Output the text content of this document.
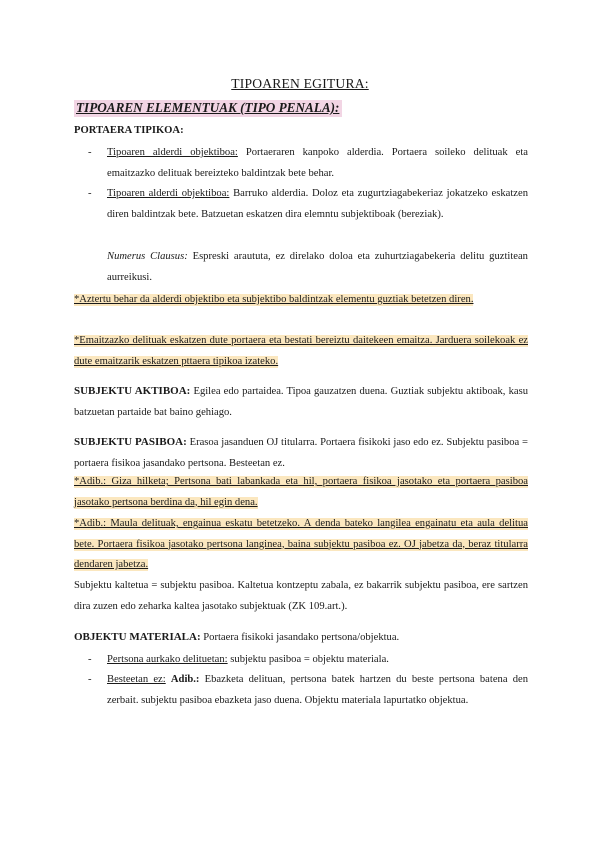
TIPOAREN EGITURA:
TIPOAREN ELEMENTUAK (TIPO PENALA):
PORTAERA TIPIKOA:
- Tipoaren alderdi objektiboa: Portaeraren kanpoko alderdia. Portaera soileko delituak eta emaitzazko delituak bereizteko baldintzak bete behar.
- Tipoaren alderdi objektiboa: Barruko alderdia. Doloz eta zugurtziagabekeriaz jokatzeko eskatzen diren baldintzak bete. Batzuetan eskatzen dira elemntu subjektiboak (bereziak).
Numerus Clausus: Espreski araututa, ez direlako doloa eta zuhurtziagabekeria delitu guztitean aurreikusi.
*Aztertu behar da alderdi objektibo eta subjektibo baldintzak elementu guztiak betetzen diren.
*Emaitzazko delituak eskatzen dute portaera eta bestati bereiztu daitekeen emaitza. Jarduera soilekoak ez dute emaitzarik eskatzen pttaera tipikoa izateko.
SUBJEKTU AKTIBOA: Egilea edo partaidea. Tipoa gauzatzen duena. Guztiak subjektu aktiboak, kasu batzuetan partaide bat baino gehiago.
SUBJEKTU PASIBOA: Erasoa jasanduen OJ titularra. Portaera fisikoki jaso edo ez. Subjektu pasiboa = portaera fisikoa jasandako pertsona. Besteetan ez.
*Adib.: Giza hilketa; Pertsona bati labankada eta hil, portaera fisikoa jasotako eta portaera pasiboa jasotako pertsona berdina da, hil egin dena.
*Adib.: Maula delituak, engainua eskatu betetzeko. A denda bateko langilea engainatu eta aula delitua bete. Portaera fisikoa jasotako pertsona langinea, baina subjektu pasiboa ez. OJ jabetza da, beraz titularra dendaren jabetza.
Subjektu kaltetua = subjektu pasiboa. Kaltetua kontzeptu zabala, ez bakarrik subjektu pasiboa, ere sartzen dira zuzen edo zeharka kaltea jasotako subjektuak (ZK 109.art.).
OBJEKTU MATERIALA: Portaera fisikoki jasandako pertsona/objektua.
- Pertsona aurkako delituetan: subjektu pasiboa = objektu materiala.
- Besteetan ez: Adib.: Ebazketa delituan, pertsona batek hartzen du beste pertsona batena den zerbait. subjektu pasiboa ebazketa jaso duena. Objektu materiala lapurtatko objektua.
